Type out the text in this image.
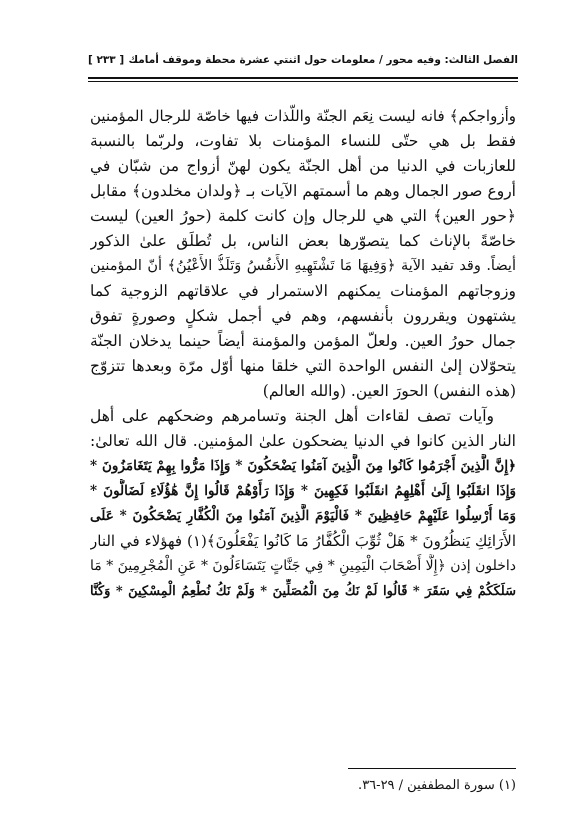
الفصل الثالث: وفيه محور / معلومات حول اثنتي عشرة محطة وموقف أمامك
[ ٢٣٣ ]
وأزواجكم﴾ فانه ليست نِعَم الجنّة واللّذات فيها خاصّة للرجال المؤمنين
فقط بل هي حتّى للنساء المؤمنات بلا تفاوت، ولربّما بالنسبة
للعازبات في الدنيا من أهل الجنّة يكون لهنّ أزواج من شبّان في
أروع صور الجمال وهم ما أسمتهم الآيات بـ ﴿ولدان مخلدون﴾ مقابل
﴿حور العين﴾ التي هي للرجال وإن كانت كلمة (حورُ العين) ليست
خاصّةً بالإناث كما يتصوّرها بعض الناس، بل تُطلَق علىٰ الذكور
أيضاً. وقد تفيد الآية ﴿وَفِيهَا مَا تَشْتَهِيهِ الأَنفُسُ وَتَلَذُّ الأَعْيُنُ﴾ أنّ المؤمنين
وزوجاتهم المؤمنات يمكنهم الاستمرار في علاقاتهم الزوجية كما
يشتهون ويقررون بأنفسهم، وهم في أجمل شكلٍ وصورةٍ تفوق
جمال حورُ العين. ولعلّ المؤمن والمؤمنة أيضاً حينما يدخلان الجنّة
يتحوّلان إلىٰ النفس الواحدة التي خلقا منها أوّل مرّة وبعدها تتزوّج
(هذه النفس) الحورَ العين. (والله العالم)
وآيات تصف لقاءات أهل الجنة وتسامرهم وضحكهم على أهل
النار الذين كانوا في الدنيا يضحكون علىٰ المؤمنين. قال الله تعالىٰ:
﴿إِنَّ الَّذِينَ أَجْرَمُوا كَانُوا مِنَ الَّذِينَ آمَنُوا يَضْحَكُونَ * وَإِذَا مَرُّوا بِهِمْ يَتَغَامَزُونَ *
وَإِذَا انقَلَبُوا إِلَىٰ أَهْلِهِمُ انقَلَبُوا فَكِهِينَ * وَإِذَا رَأَوْهُمْ قَالُوا إِنَّ هَٰؤُلَاءِ لَضَالُّونَ *
وَمَا أُرْسِلُوا عَلَيْهِمْ حَافِظِينَ * فَالْيَوْمَ الَّذِينَ آمَنُوا مِنَ الْكُفَّارِ يَضْحَكُونَ * عَلَى
الأَرَائِكِ يَنظُرُونَ * هَلْ ثُوِّبَ الْكُفَّارُ مَا كَانُوا يَفْعَلُونَ﴾(١) فهؤلاء في النار
داخلون إذن ﴿إِلَّا أَصْحَابَ الْيَمِينِ * فِي جَنَّاتٍ يَتَسَاءَلُونَ * عَنِ الْمُجْرِمِينَ * مَا
سَلَكَكُمْ فِي سَقَرَ * قَالُوا لَمْ نَكُ مِنَ الْمُصَلِّينَ * وَلَمْ نَكُ نُطْعِمُ الْمِسْكِينَ * وَكُنَّا
(١) سورة المطففين / ٢٩-٣٦.
